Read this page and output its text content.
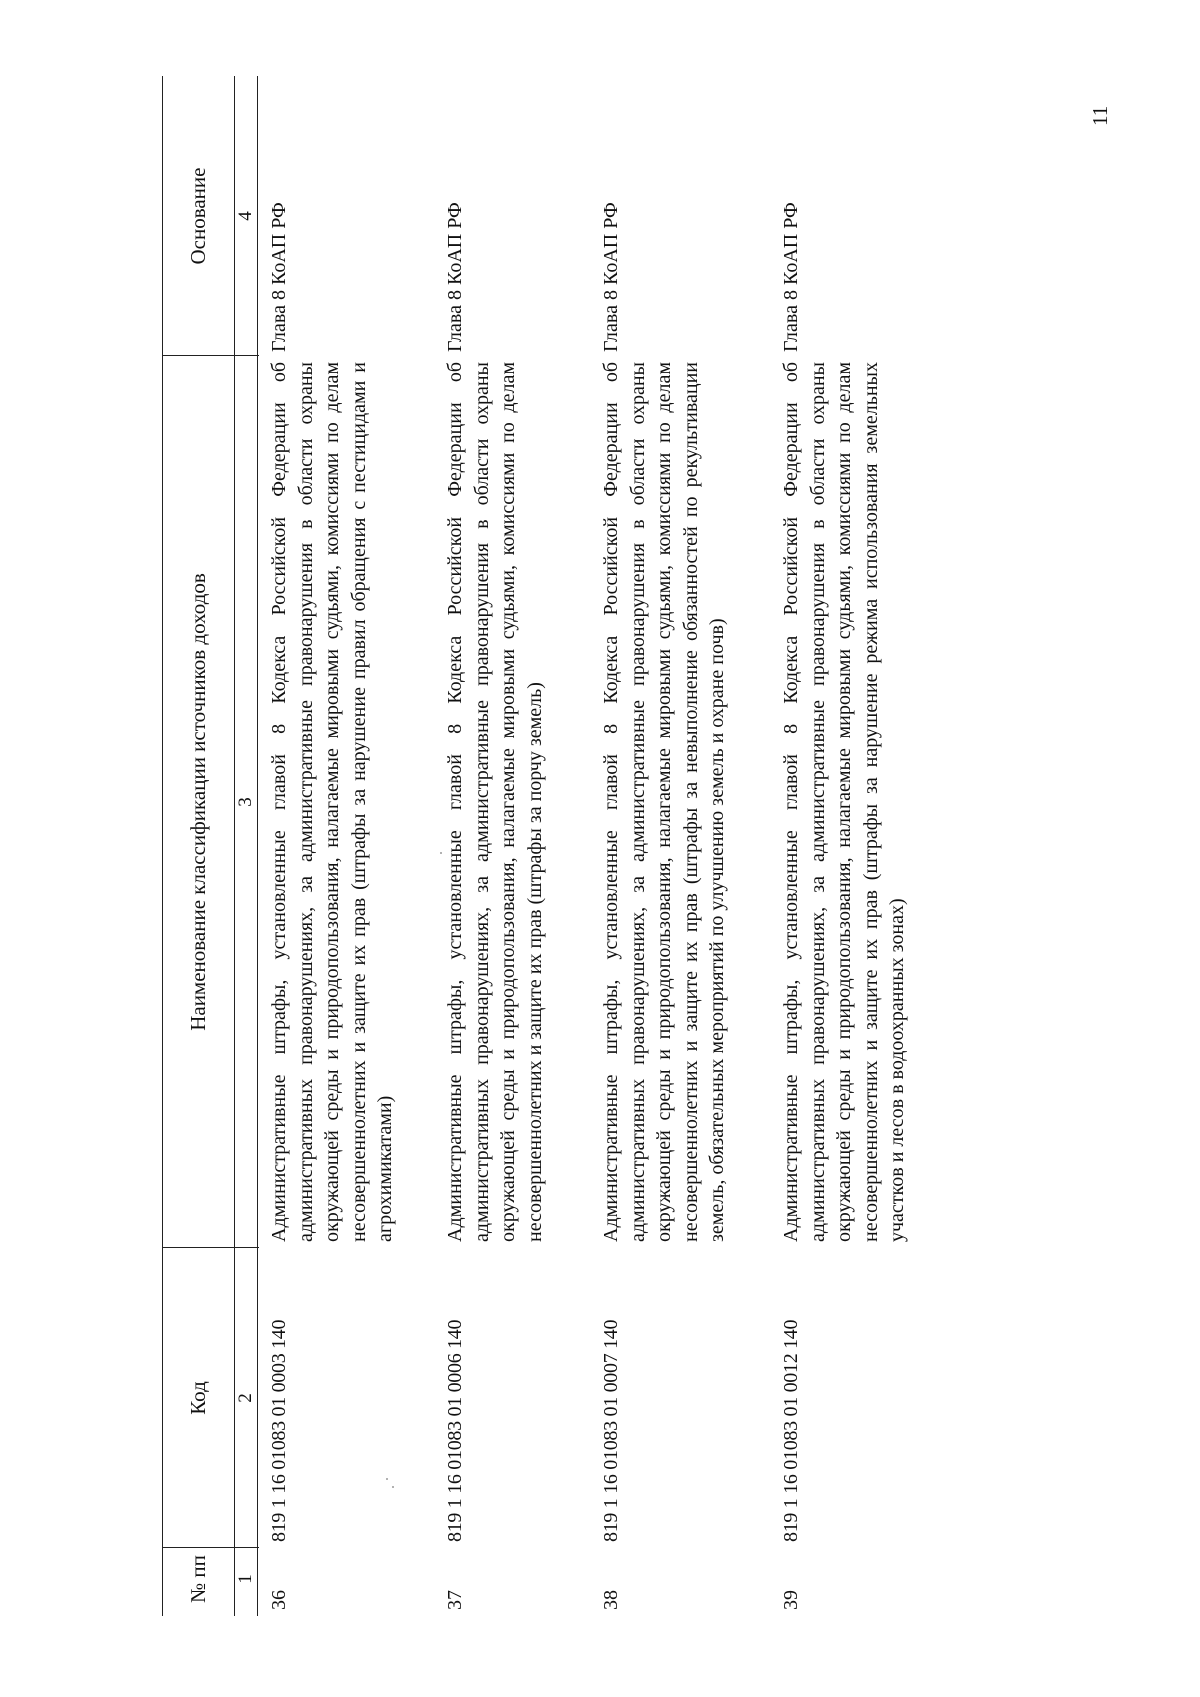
11
№ пп
Код
Наименование классификации источников доходов
Основание
1
2
3
4
36
819 1 16 01083 01 0003 140
Административные штрафы, установленные главой 8 Кодекса Российской Федерации об административных правонарушениях, за административные правонарушения в области охраны окружающей среды и природопользования, налагаемые мировыми судьями, комиссиями по делам несовершеннолетних и защите их прав (штрафы за нарушение правил обращения с пестицидами и агрохимикатами)
Глава 8 КоАП РФ
37
819 1 16 01083 01 0006 140
Административные штрафы, установленные главой 8 Кодекса Российской Федерации об административных правонарушениях, за административные правонарушения в области охраны окружающей среды и природопользования, налагаемые мировыми судьями, комиссиями по делам несовершеннолетних и защите их прав (штрафы за порчу земель)
Глава 8 КоАП РФ
38
819 1 16 01083 01 0007 140
Административные штрафы, установленные главой 8 Кодекса Российской Федерации об административных правонарушениях, за административные правонарушения в области охраны окружающей среды и природопользования, налагаемые мировыми судьями, комиссиями по делам несовершеннолетних и защите их прав (штрафы за невыполнение обязанностей по рекультивации земель, обязательных мероприятий по улучшению земель и охране почв)
Глава 8 КоАП РФ
39
819 1 16 01083 01 0012 140
Административные штрафы, установленные главой 8 Кодекса Российской Федерации об административных правонарушениях, за административные правонарушения в области охраны окружающей среды и природопользования, налагаемые мировыми судьями, комиссиями по делам несовершеннолетних и защите их прав (штрафы за нарушение режима использования земельных участков и лесов в водоохранных зонах)
Глава 8 КоАП РФ
